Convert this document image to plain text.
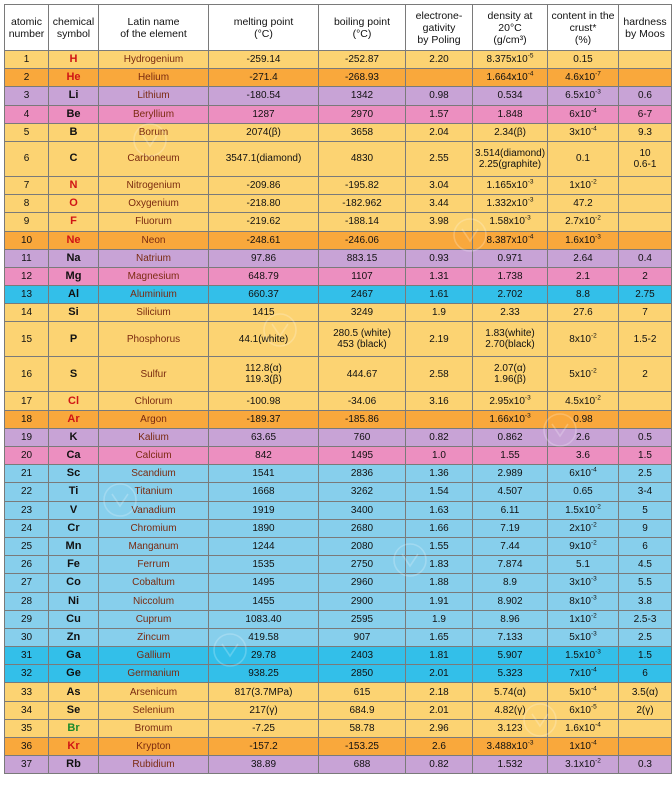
atomic
number	chemical
symbol	Latin name
of the element	melting point
(°C)	boiling point
(°C)	electrone-
gativity
by Poling	density at
20°C
(g/cm³)	content in the
crust*
(%)	hardness
by Moos
1	H	Hydrogenium	-259.14	-252.87	2.20	$8.375x10^{-5}$	0.15	
2	He	Helium	-271.4	-268.93		$1.664x10^{-4}$	$4.6x10^{-7}$	
3	Li	Lithium	-180.54	1342	0.98	0.534	$6.5x10^{-3}$	0.6
4	Be	Beryllium	1287	2970	1.57	1.848	$6x10^{-4}$	6-7
5	B	Borum	2074(β)	3658	2.04	2.34(β)	$3x10^{-4}$	9.3
6	C	Carboneum	3547.1(diamond)	4830	2.55	3.514(diamond)
2.25(graphite)	0.1	10
0.6-1
7	N	Nitrogenium	-209.86	-195.82	3.04	$1.165x10^{-3}$	$1x10^{-2}$	
8	O	Oxygenium	-218.80	-182.962	3.44	$1.332x10^{-3}$	47.2	
9	F	Fluorum	-219.62	-188.14	3.98	$1.58x10^{-3}$	$2.7x10^{-2}$	
10	Ne	Neon	-248.61	-246.06		$8.387x10^{-4}$	$1.6x10^{-3}$	
11	Na	Natrium	97.86	883.15	0.93	0.971	2.64	0.4
12	Mg	Magnesium	648.79	1107	1.31	1.738	2.1	2
13	Al	Aluminium	660.37	2467	1.61	2.702	8.8	2.75
14	Si	Silicium	1415	3249	1.9	2.33	27.6	7
15	P	Phosphorus	44.1(white)	280.5 (white)
453 (black)	2.19	1.83(white)
2.70(black)	$8x10^{-2}$	1.5-2
16	S	Sulfur	112.8(α)
119.3(β)	444.67	2.58	2.07(α)
1.96(β)	$5x10^{-2}$	2
17	Cl	Chlorum	-100.98	-34.06	3.16	$2.95x10^{-3}$	$4.5x10^{-2}$	
18	Ar	Argon	-189.37	-185.86		$1.66x10^{-3}$	0.98	
19	K	Kalium	63.65	760	0.82	0.862	2.6	0.5
20	Ca	Calcium	842	1495	1.0	1.55	3.6	1.5
21	Sc	Scandium	1541	2836	1.36	2.989	$6x10^{-4}$	2.5
22	Ti	Titanium	1668	3262	1.54	4.507	0.65	3-4
23	V	Vanadium	1919	3400	1.63	6.11	$1.5x10^{-2}$	5
24	Cr	Chromium	1890	2680	1.66	7.19	$2x10^{-2}$	9
25	Mn	Manganum	1244	2080	1.55	7.44	$9x10^{-2}$	6
26	Fe	Ferrum	1535	2750	1.83	7.874	5.1	4.5
27	Co	Cobaltum	1495	2960	1.88	8.9	$3x10^{-3}$	5.5
28	Ni	Niccolum	1455	2900	1.91	8.902	$8x10^{-3}$	3.8
29	Cu	Cuprum	1083.40	2595	1.9	8.96	$1x10^{-2}$	2.5-3
30	Zn	Zincum	419.58	907	1.65	7.133	$5x10^{-3}$	2.5
31	Ga	Gallium	29.78	2403	1.81	5.907	$1.5x10^{-3}$	1.5
32	Ge	Germanium	938.25	2850	2.01	5.323	$7x10^{-4}$	6
33	As	Arsenicum	817(3.7MPa)	615	2.18	5.74(α)	$5x10^{-4}$	3.5(α)
34	Se	Selenium	217(γ)	684.9	2.01	4.82(γ)	$6x10^{-5}$	2(γ)
35	Br	Bromum	-7.25	58.78	2.96	3.123	$1.6x10^{-4}$	
36	Kr	Krypton	-157.2	-153.25	2.6	$3.488x10^{-3}$	$1x10^{-4}$	
37	Rb	Rubidium	38.89	688	0.82	1.532	$3.1x10^{-2}$	0.3
